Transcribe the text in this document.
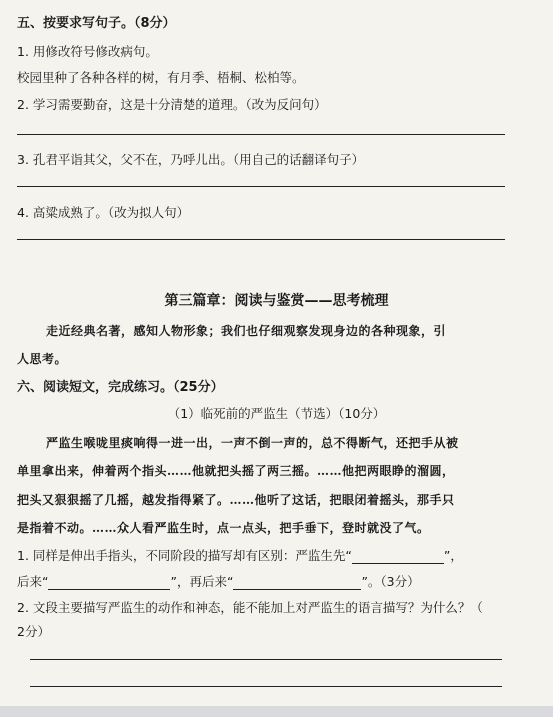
五、按要求写句子。（8分）
1. 用修改符号修改病句。
校园里种了各种各样的树，有月季、梧桐、松柏等。
2. 学习需要勤奋，这是十分清楚的道理。（改为反问句）
3. 孔君平诣其父，父不在，乃呼儿出。（用自己的话翻译句子）
4. 高粱成熟了。（改为拟人句）
第三篇章：阅读与鉴赏——思考梳理
走近经典名著，感知人物形象；我们也仔细观察发现身边的各种现象，引
人思考。
六、阅读短文，完成练习。（25分）
（1）临死前的严监生（节选）（10分）
严监生喉咙里痰响得一进一出，一声不倒一声的，总不得断气，还把手从被
单里拿出来，伸着两个指头……他就把头摇了两三摇。……他把两眼睁的溜圆，
把头又狠狠摇了几摇，越发指得紧了。……他听了这话，把眼闭着摇头，那手只
是指着不动。……众人看严监生时，点一点头，把手垂下，登时就没了气。
1. 同样是伸出手指头，不同阶段的描写却有区别：严监生先“	”，
后来“	”，再后来“	”。（3分）
2. 文段主要描写严监生的动作和神态，能不能加上对严监生的语言描写？为什么？（
2分）
